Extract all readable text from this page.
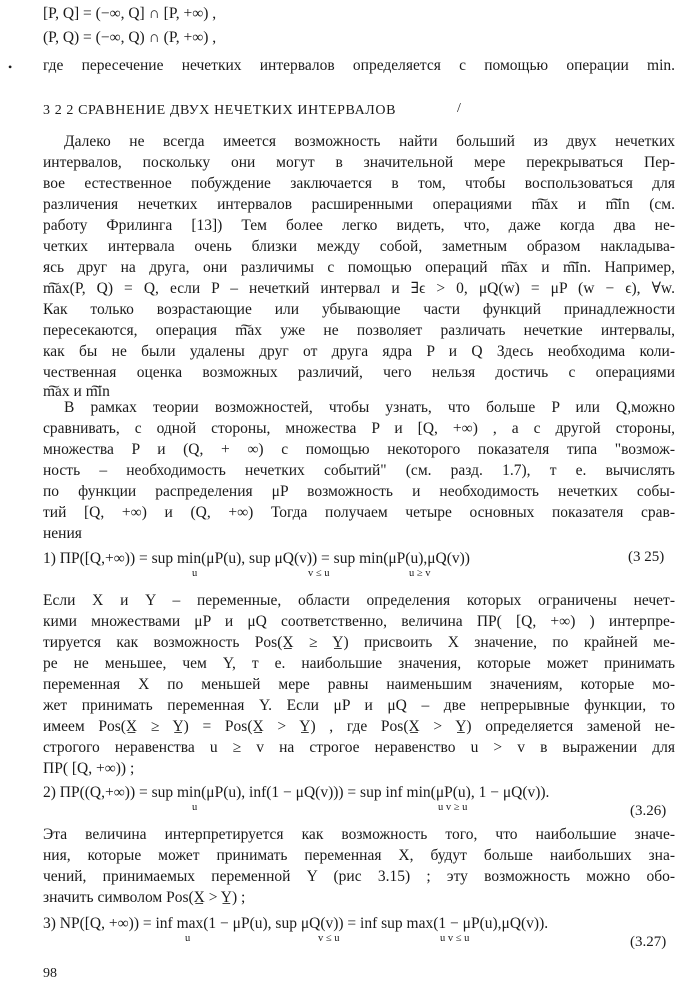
[P, Q] = (−∞, Q] ∩ [P, +∞) ,
(P, Q) = (−∞, Q) ∩ (P, +∞) ,
• где пересечение нечетких интервалов определяется с помощью операции min.
3 2 2 СРАВНЕНИЕ ДВУХ НЕЧЕТКИХ ИНТЕРВАЛОВ	/
Далеко не всегда имеется возможность найти больший из двух нечетких
интервалов, поскольку они могут в значительной мере перекрываться Пер-
вое естественное побуждение заключается в том, чтобы воспользоваться для
различения нечетких интервалов расширенными операциями m͠ax и m͠in (см.
работу Фрилинга [13]) Тем более легко видеть, что, даже когда два не-
четких интервала очень близки между собой, заметным образом накладыва-
ясь друг на друга, они различимы с помощью операций m͠ax и m͠in. Например,
m͠ax(P, Q) = Q, если P – нечеткий интервал и ∃ϵ > 0, μQ(w) = μP (w − ϵ), ∀w.
Как только возрастающие или убывающие части функций принадлежности
пересекаются, операция m͠ax уже не позволяет различать нечеткие интервалы,
как бы не были удалены друг от друга ядра P и Q Здесь необходима коли-
чественная оценка возможных различий, чего нельзя достичь с операциями
m͠ax и m͠in
В рамках теории возможностей, чтобы узнать, что больше P или Q,можно
сравнивать, с одной стороны, множества P и [Q, +∞) , а с другой стороны,
множества P и (Q, + ∞) с помощью некоторого показателя типа "возмож-
ность – необходимость нечетких событий" (см. разд. 1.7), т е. вычислять
по функции распределения μP возможность и необходимость нечетких собы-
тий [Q, +∞) и (Q, +∞) Тогда получаем четыре основных показателя срав-
нения
1) ΠP([Q,+∞)) = sup min(μP(u), sup μQ(v)) = sup min(μP(u),μQ(v))	(3 25)
u	v ≤ u	u ≥ v
Если X и Y – переменные, области определения которых ограничены нечет-
кими множествами μP и μQ соответственно, величина ΠP( [Q, +∞) ) интерпре-
тируется как возможность Pos(X̲ ≥ Y̲) присвоить X значение, по крайней ме-
ре не меньшее, чем Y, т е. наибольшие значения, которые может принимать
переменная X по меньшей мере равны наименьшим значениям, которые мо-
жет принимать переменная Y. Если μP и μQ – две непрерывные функции, то
имеем Pos(X̲ ≥ Y̲) = Pos(X̲ > Y̲) , где Pos(X̲ > Y̲) определяется заменой не-
строгого неравенства u ≥ v на строгое неравенство u > v в выражении для
ΠP( [Q, +∞)) ;
2) ΠP((Q,+∞)) = sup min(μP(u), inf(1 − μQ(v))) = sup inf min(μP(u), 1 − μQ(v)).
(3.26)
u	u v ≥ u
Эта величина интерпретируется как возможность того, что наибольшие значе-
ния, которые может принимать переменная X, будут больше наибольших зна-
чений, принимаемых переменной Y (рис 3.15) ; эту возможность можно обо-
значить символом Pos(X̲ > Y̲) ;
3) NP([Q, +∞)) = inf max(1 − μP(u), sup μQ(v)) = inf sup max(1 − μP(u),μQ(v)).
(3.27)
u	v ≤ u	u v ≤ u
98
